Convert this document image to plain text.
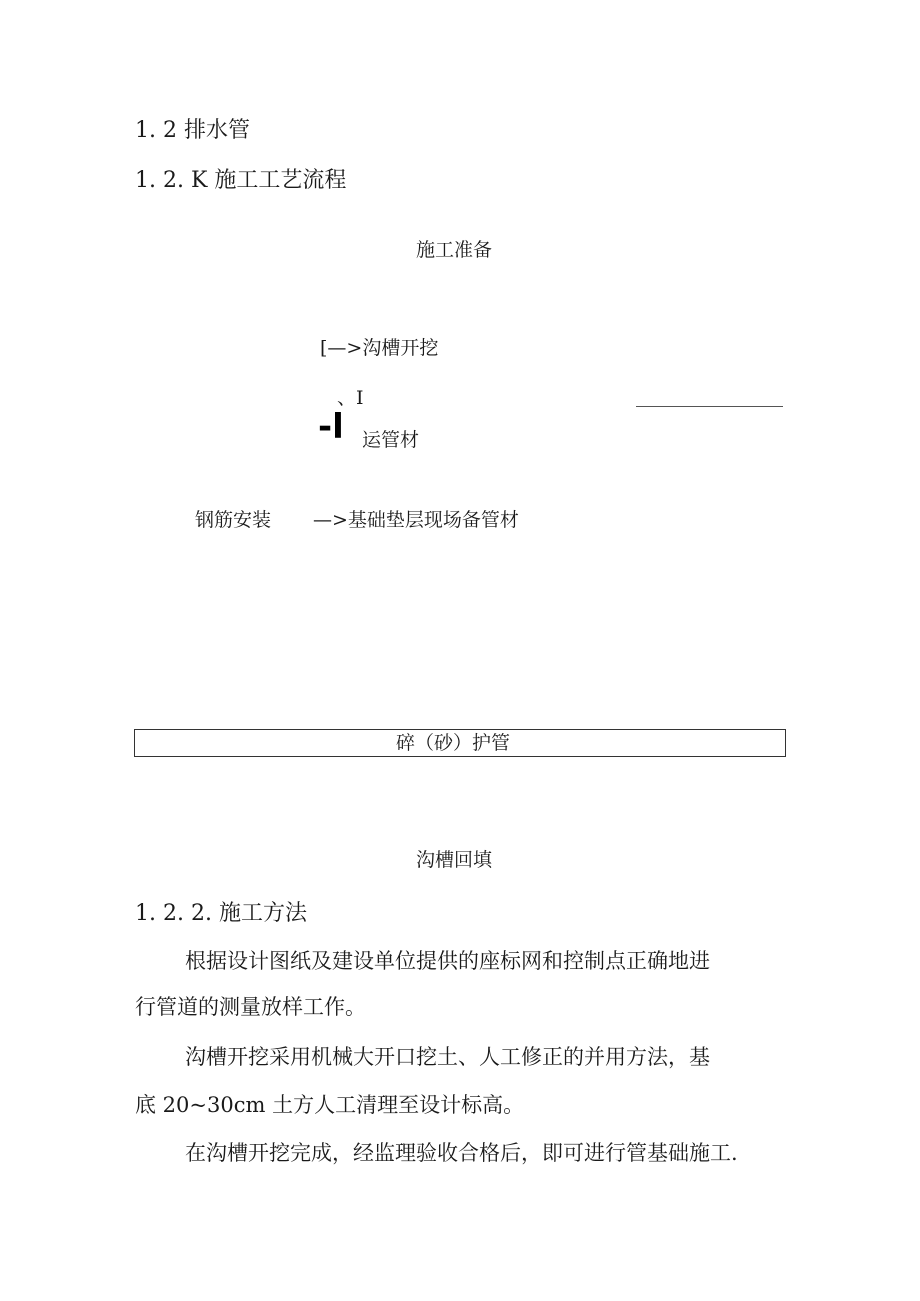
1. 2 排水管
1. 2. K 施工工艺流程
施工准备
[—>沟槽开挖
、I
-l 运管材
钢筋安装 —>基础垫层现场备管材
碎（砂）护管
沟槽回填
1. 2. 2. 施工方法
根据设计图纸及建设单位提供的座标网和控制点正确地进
行管道的测量放样工作。
沟槽开挖采用机械大开口挖土、人工修正的并用方法，基
底 20~30cm 土方人工清理至设计标高。
在沟槽开挖完成，经监理验收合格后，即可进行管基础施工.
